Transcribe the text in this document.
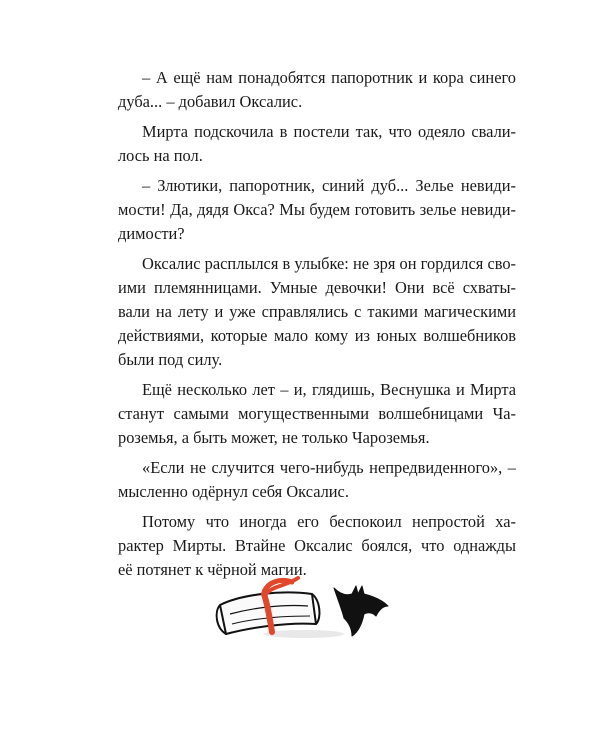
– А ещё нам понадобятся папоротник и кора синего
дуба... – добавил Оксалис.

Мирта подскочила в постели так, что одеяло свали-
лось на пол.

– Злютики, папоротник, синий дуб... Зелье невиди-
мости! Да, дядя Окса? Мы будем готовить зелье невиди-
димости?

Оксалис расплылся в улыбке: не зря он гордился сво-
ими племянницами. Умные девочки! Они всё схваты-
вали на лету и уже справлялись с такими магическими
действиями, которые мало кому из юных волшебников
были под силу.

Ещё несколько лет – и, глядишь, Веснушка и Мирта
станут самыми могущественными волшебницами Ча-
роземья, а быть может, не только Чароземья.

«Если не случится чего-нибудь непредвиденного», –
мысленно одёрнул себя Оксалис.

Потому что иногда его беспокоил непростой ха-
рактер Мирты. Втайне Оксалис боялся, что однажды
её потянет к чёрной магии.
